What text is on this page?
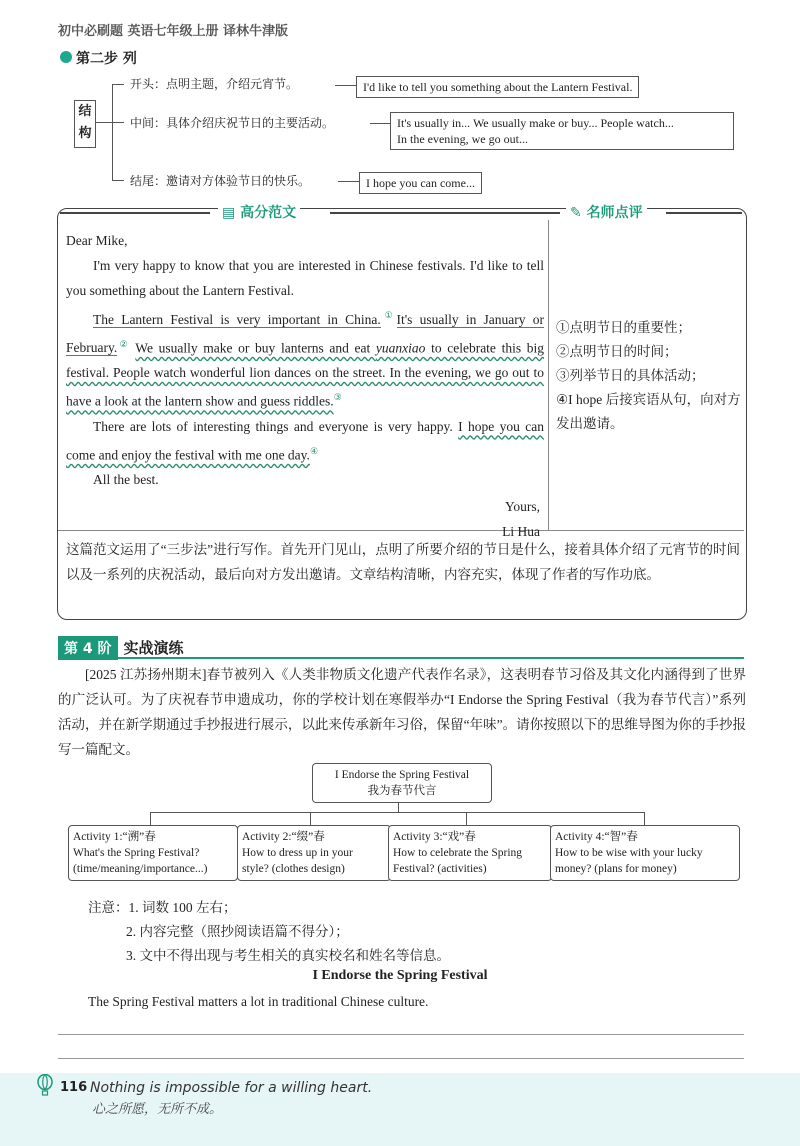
初中必刷题 英语七年级上册 译林牛津版
第二步 列
结构
开头：点明主题，介绍元宵节。	I'd like to tell you something about the Lantern Festival.
中间：具体介绍庆祝节日的主要活动。	It's usually in... We usually make or buy... People watch...
In the evening, we go out...
结尾：邀请对方体验节日的快乐。	I hope you can come...
▤ 高分范文	✎ 名师点评

Dear Mike,

I'm very happy to know that you are interested in Chinese festivals. I'd like to tell you something about the Lantern Festival.

The Lantern Festival is very important in China.①It's usually in January or February.② We usually make or buy lanterns and eat yuanxiao to celebrate this big festival. People watch wonderful lion dances on the street. In the evening, we go out to have a look at the lantern show and guess riddles.③

There are lots of interesting things and everyone is very happy. I hope you can come and enjoy the festival with me one day.④

All the best.

Yours,

Li Hua

①点明节日的重要性；
②点明节日的时间；
③列举节日的具体活动；
④I hope 后接宾语从句，向对方发出邀请。
这篇范文运用了“三步法”进行写作。首先开门见山，点明了所要介绍的节日是什么，接着具体介绍了元宵节的时间以及一系列的庆祝活动，最后向对方发出邀请。文章结构清晰，内容充实，体现了作者的写作功底。
第 4 阶 实战演练
[2025 江苏扬州期末]春节被列入《人类非物质文化遗产代表作名录》，这表明春节习俗及其文化内涵得到了世界的广泛认可。为了庆祝春节申遗成功，你的学校计划在寒假举办“I Endorse the Spring Festival（我为春节代言）”系列活动，并在新学期通过手抄报进行展示，以此来传承新年习俗，保留“年味”。请你按照以下的思维导图为你的手抄报写一篇配文。
I Endorse the Spring Festival
我为春节代言
Activity 1:“溯”春
What's the Spring Festival?
(time/meaning/importance...)
Activity 2:“缀”春
How to dress up in your
style? (clothes design)
Activity 3:“戏”春
How to celebrate the Spring
Festival? (activities)
Activity 4:“智”春
How to be wise with your lucky
money? (plans for money)
注意：1. 词数 100 左右；
2. 内容完整（照抄阅读语篇不得分）；
3. 文中不得出现与考生相关的真实校名和姓名等信息。
I Endorse the Spring Festival
The Spring Festival matters a lot in traditional Chinese culture.
116 Nothing is impossible for a willing heart.
心之所愿，无所不成。
